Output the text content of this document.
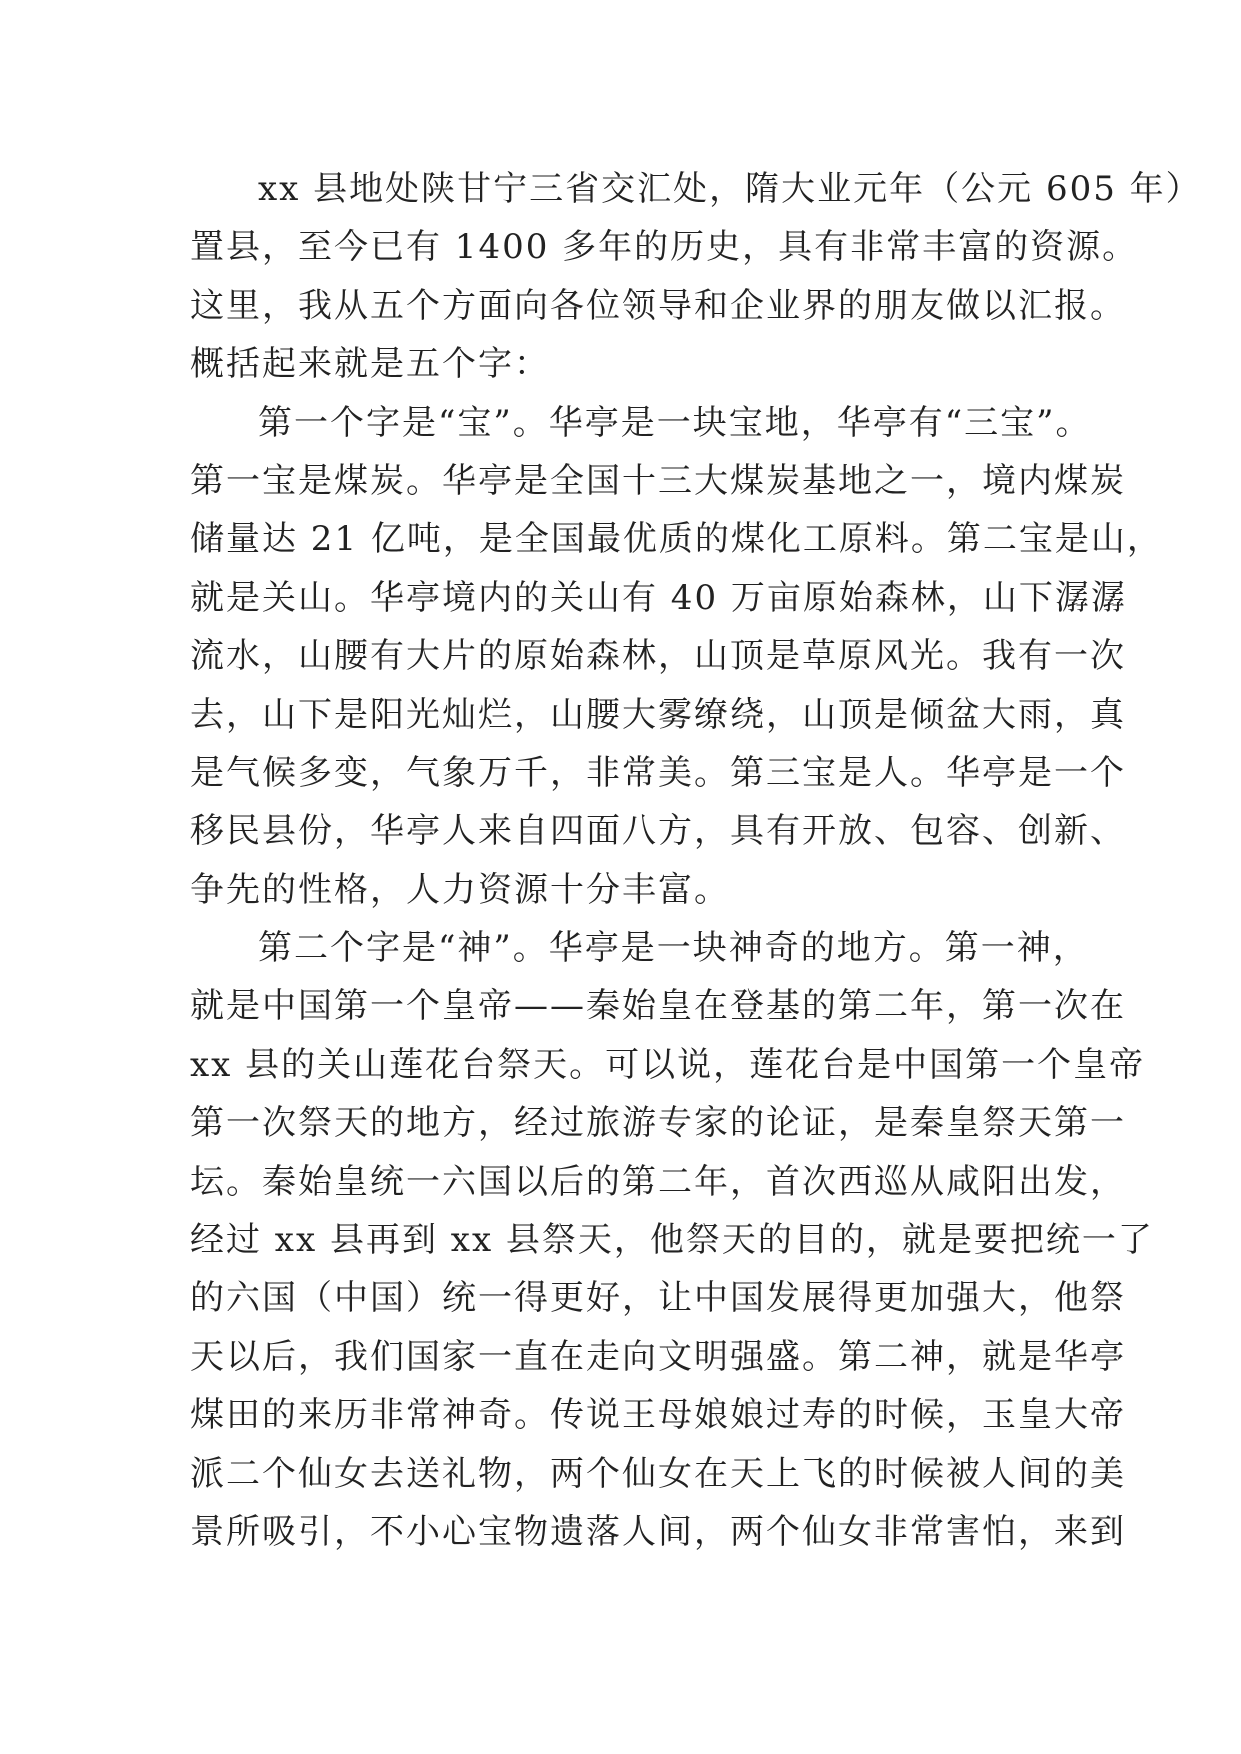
xx 县地处陕甘宁三省交汇处，隋大业元年（公元 605 年）
置县，至今已有 1400 多年的历史，具有非常丰富的资源。
这里，我从五个方面向各位领导和企业界的朋友做以汇报。
概括起来就是五个字：
第一个字是“宝”。华亭是一块宝地，华亭有“三宝”。
第一宝是煤炭。华亭是全国十三大煤炭基地之一，境内煤炭
储量达 21 亿吨，是全国最优质的煤化工原料。第二宝是山，
就是关山。华亭境内的关山有 40 万亩原始森林，山下潺潺
流水，山腰有大片的原始森林，山顶是草原风光。我有一次
去，山下是阳光灿烂，山腰大雾缭绕，山顶是倾盆大雨，真
是气候多变，气象万千，非常美。第三宝是人。华亭是一个
移民县份，华亭人来自四面八方，具有开放、包容、创新、
争先的性格，人力资源十分丰富。
第二个字是“神”。华亭是一块神奇的地方。第一神，
就是中国第一个皇帝——秦始皇在登基的第二年，第一次在
xx 县的关山莲花台祭天。可以说，莲花台是中国第一个皇帝
第一次祭天的地方，经过旅游专家的论证，是秦皇祭天第一
坛。秦始皇统一六国以后的第二年，首次西巡从咸阳出发，
经过 xx 县再到 xx 县祭天，他祭天的目的，就是要把统一了
的六国（中国）统一得更好，让中国发展得更加强大，他祭
天以后，我们国家一直在走向文明强盛。第二神，就是华亭
煤田的来历非常神奇。传说王母娘娘过寿的时候，玉皇大帝
派二个仙女去送礼物，两个仙女在天上飞的时候被人间的美
景所吸引，不小心宝物遗落人间，两个仙女非常害怕，来到
